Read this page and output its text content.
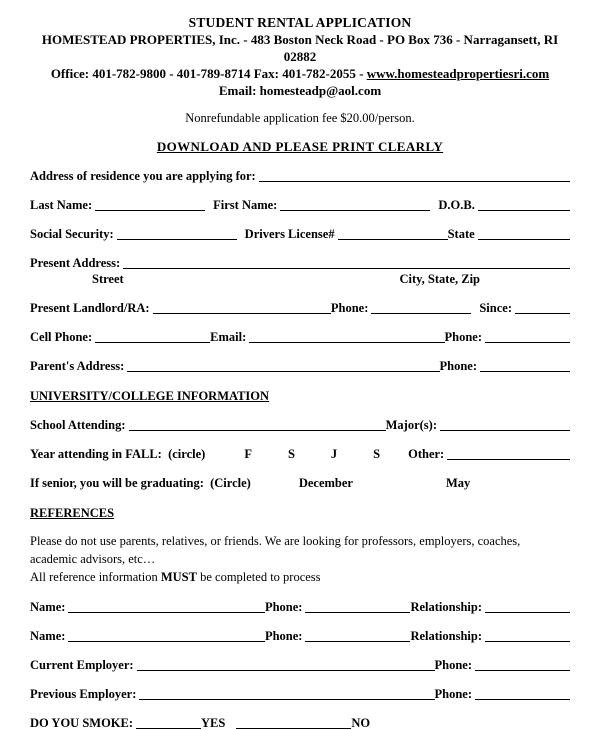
STUDENT RENTAL APPLICATION
HOMESTEAD PROPERTIES, Inc. - 483 Boston Neck Road - PO Box 736 - Narragansett, RI 02882
Office: 401-782-9800 - 401-789-8714 Fax: 401-782-2055 - www.homesteadpropertiesri.com
Email: homesteadp@aol.com
Nonrefundable application fee $20.00/person.
DOWNLOAD AND PLEASE PRINT CLEARLY
Address of residence you are applying for:
Last Name:	First Name:	D.O.B.
Social Security:	Drivers License#	State
Present Address:
Street	City, State, Zip
Present Landlord/RA:	Phone:	Since:
Cell Phone:	Email:	Phone:
Parent's Address:	Phone:
UNIVERSITY/COLLEGE INFORMATION
School Attending:	Major(s):
Year attending in FALL:  (circle)	F	S	J	S Other:
If senior, you will be graduating:  (Circle)	December	May
REFERENCES
Please do not use parents, relatives, or friends. We are looking for professors, employers, coaches, academic advisors, etc…
All reference information MUST be completed to process
Name:	Phone:	Relationship:
Name:	Phone:	Relationship:
Current Employer:	Phone:
Previous Employer:	Phone:
DO YOU SMOKE:	YES	NO
